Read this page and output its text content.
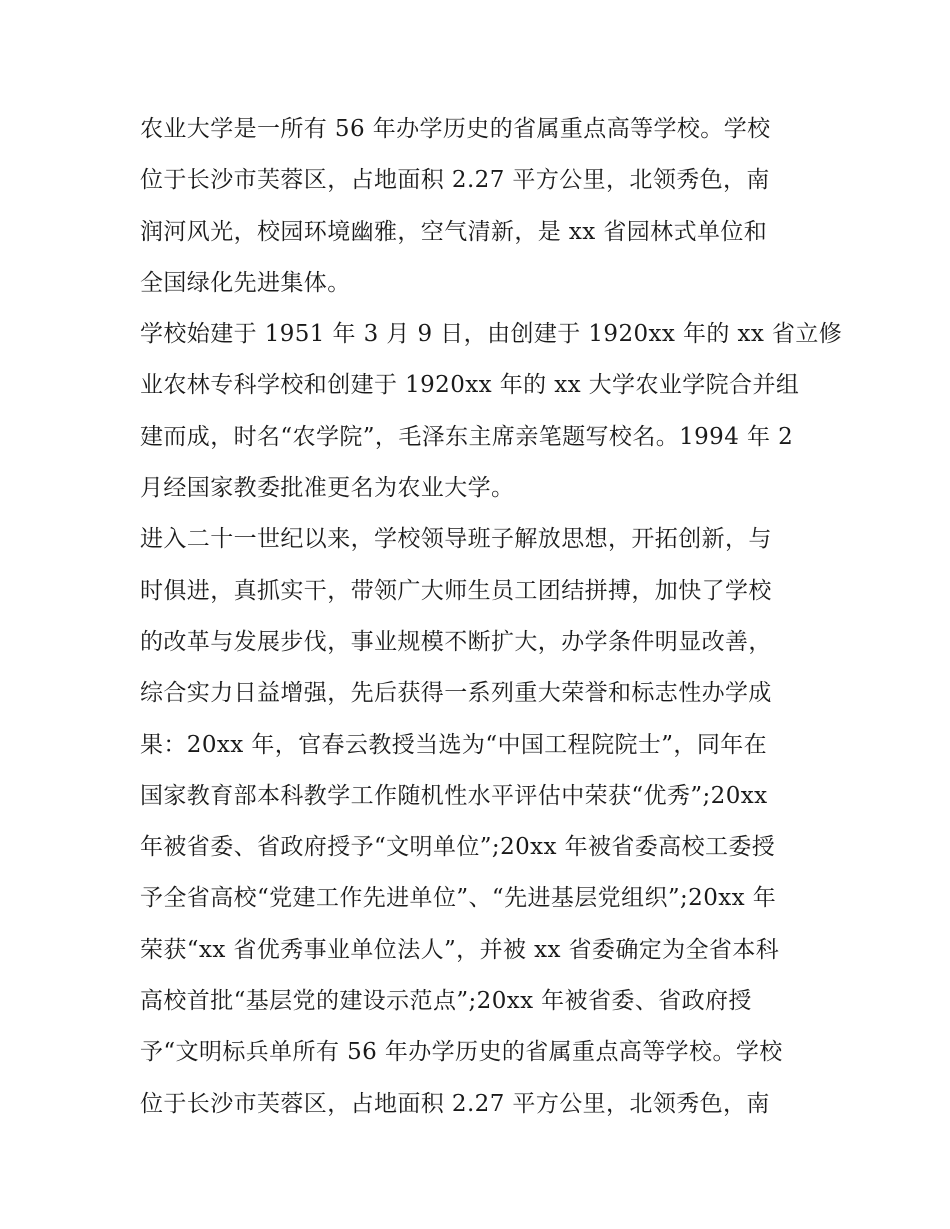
农业大学是一所有 56 年办学历史的省属重点高等学校。学校
位于长沙市芙蓉区，占地面积 2.27 平方公里，北领秀色，南
润河风光，校园环境幽雅，空气清新，是 xx 省园林式单位和
全国绿化先进集体。
学校始建于 1951 年 3 月 9 日，由创建于 1920xx 年的 xx 省立修
业农林专科学校和创建于 1920xx 年的 xx 大学农业学院合并组
建而成，时名“农学院”，毛泽东主席亲笔题写校名。1994 年 2
月经国家教委批准更名为农业大学。
进入二十一世纪以来，学校领导班子解放思想，开拓创新，与
时俱进，真抓实干，带领广大师生员工团结拼搏，加快了学校
的改革与发展步伐，事业规模不断扩大，办学条件明显改善，
综合实力日益增强，先后获得一系列重大荣誉和标志性办学成
果：20xx 年，官春云教授当选为“中国工程院院士”，同年在
国家教育部本科教学工作随机性水平评估中荣获“优秀”;20xx
年被省委、省政府授予“文明单位”;20xx 年被省委高校工委授
予全省高校“党建工作先进单位”、“先进基层党组织”;20xx 年
荣获“xx 省优秀事业单位法人”，并被 xx 省委确定为全省本科
高校首批“基层党的建设示范点”;20xx 年被省委、省政府授
予“文明标兵单所有 56 年办学历史的省属重点高等学校。学校
位于长沙市芙蓉区，占地面积 2.27 平方公里，北领秀色，南
